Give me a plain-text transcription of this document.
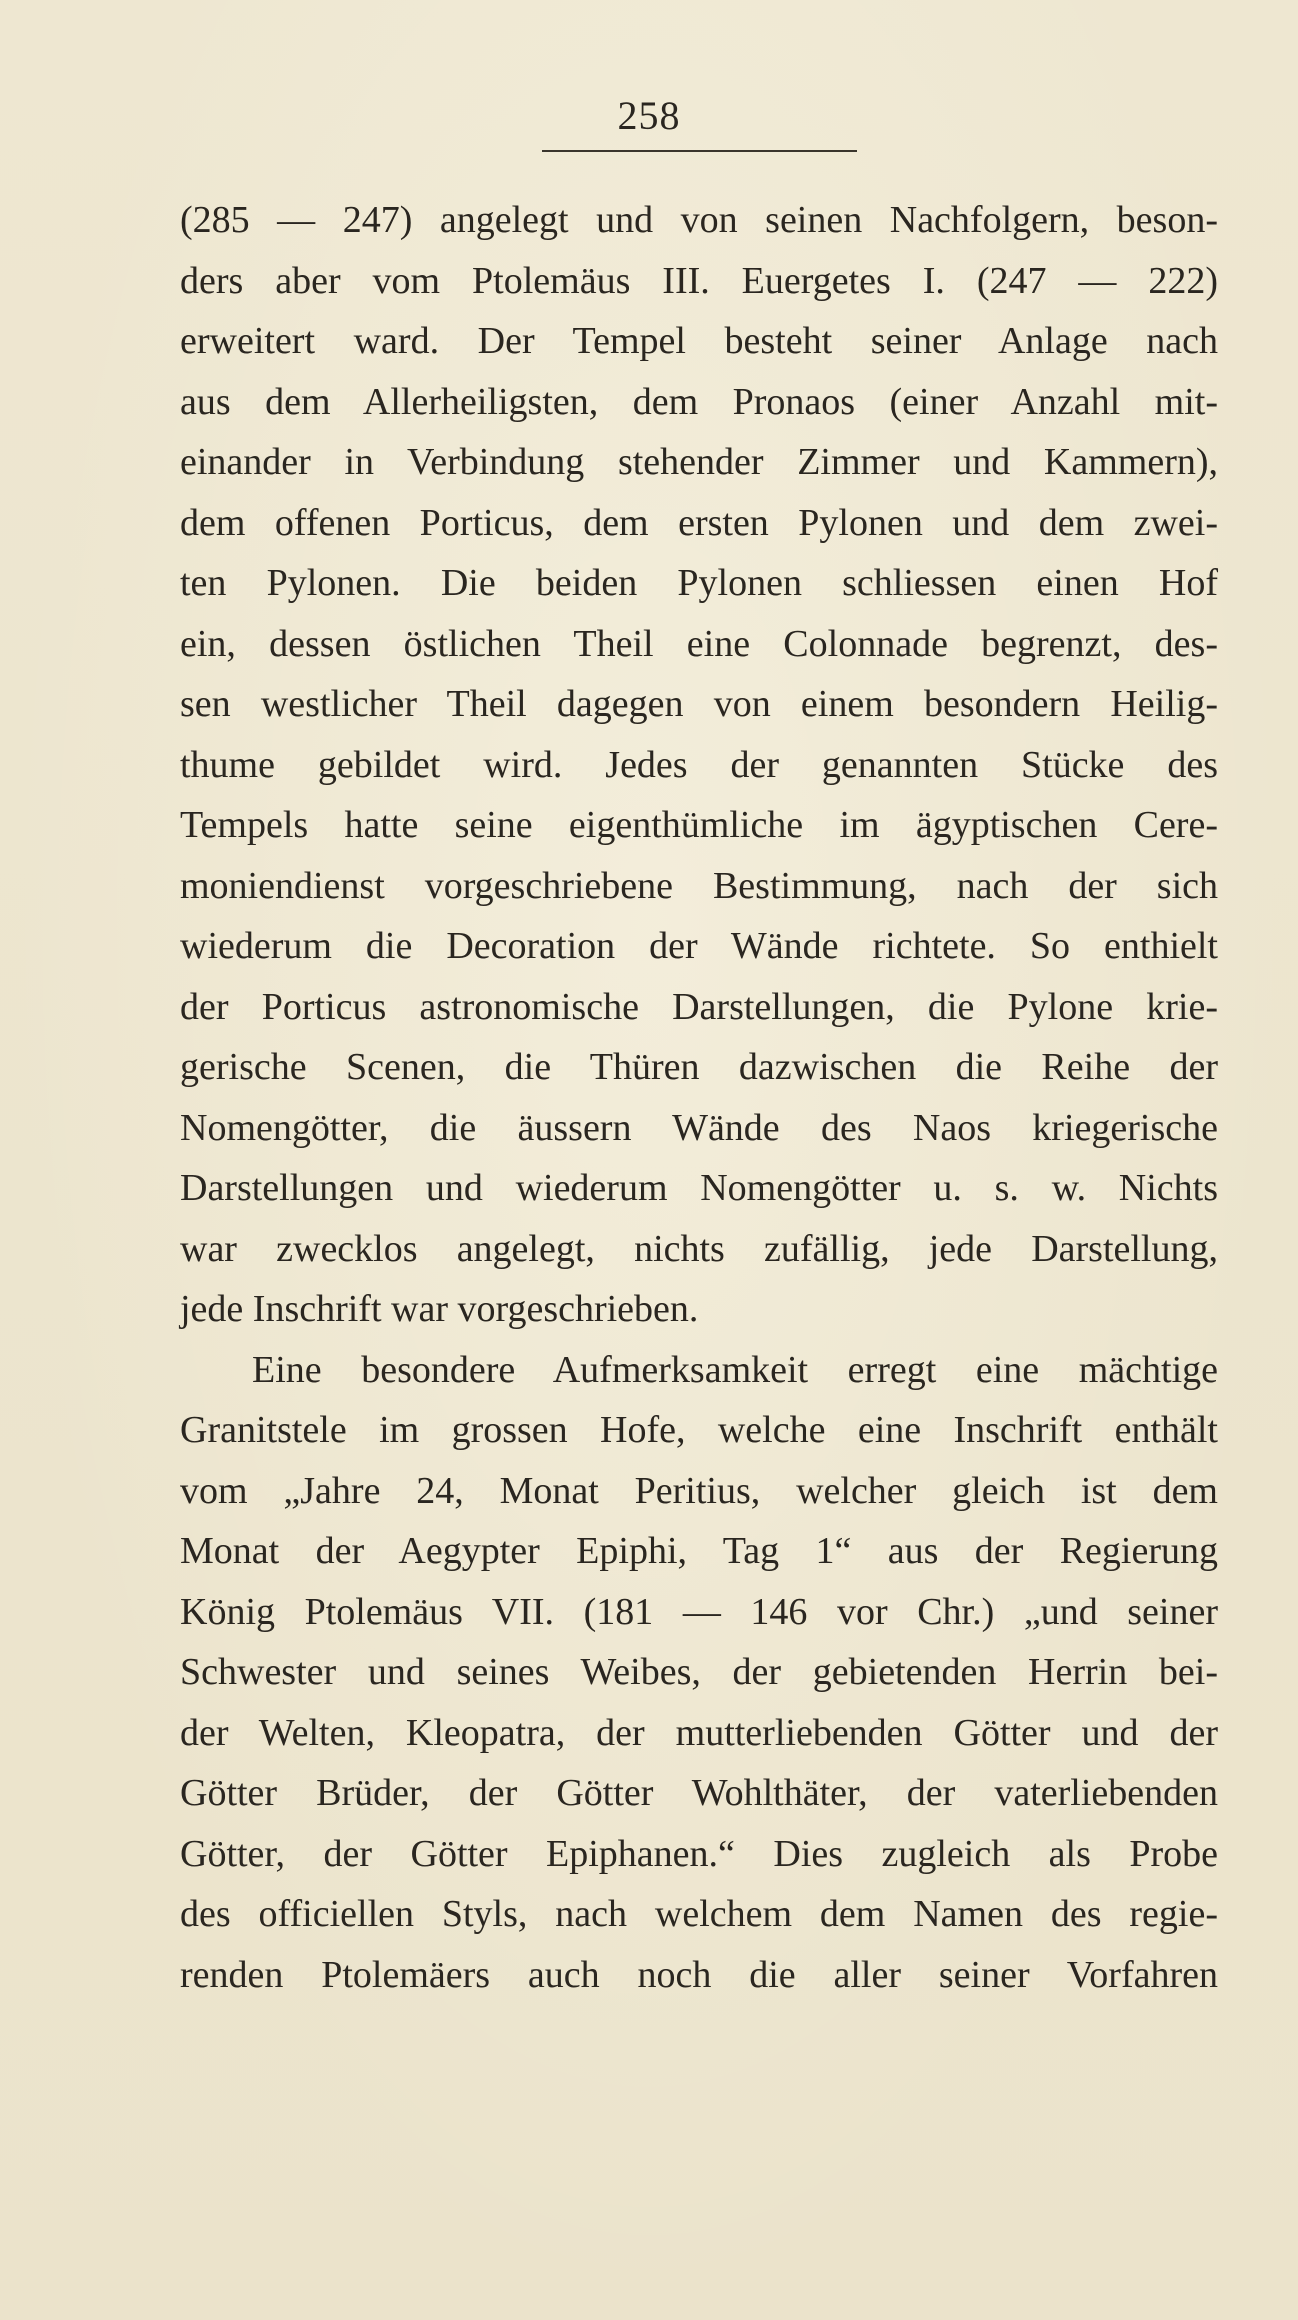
258
(285 — 247) angelegt und von seinen Nachfolgern, beson-
ders aber vom Ptolemäus III. Euergetes I. (247 — 222)
erweitert ward. Der Tempel besteht seiner Anlage nach
aus dem Allerheiligsten, dem Pronaos (einer Anzahl mit-
einander in Verbindung stehender Zimmer und Kammern),
dem offenen Porticus, dem ersten Pylonen und dem zwei-
ten Pylonen. Die beiden Pylonen schliessen einen Hof
ein, dessen östlichen Theil eine Colonnade begrenzt, des-
sen westlicher Theil dagegen von einem besondern Heilig-
thume gebildet wird. Jedes der genannten Stücke des
Tempels hatte seine eigenthümliche im ägyptischen Cere-
moniendienst vorgeschriebene Bestimmung, nach der sich
wiederum die Decoration der Wände richtete. So enthielt
der Porticus astronomische Darstellungen, die Pylone krie-
gerische Scenen, die Thüren dazwischen die Reihe der
Nomengötter, die äussern Wände des Naos kriegerische
Darstellungen und wiederum Nomengötter u. s. w. Nichts
war zwecklos angelegt, nichts zufällig, jede Darstellung,
jede Inschrift war vorgeschrieben.
Eine besondere Aufmerksamkeit erregt eine mächtige
Granitstele im grossen Hofe, welche eine Inschrift enthält
vom „Jahre 24, Monat Peritius, welcher gleich ist dem
Monat der Aegypter Epiphi, Tag 1“ aus der Regierung
König Ptolemäus VII. (181 — 146 vor Chr.) „und seiner
Schwester und seines Weibes, der gebietenden Herrin bei-
der Welten, Kleopatra, der mutterliebenden Götter und der
Götter Brüder, der Götter Wohlthäter, der vaterliebenden
Götter, der Götter Epiphanen.“ Dies zugleich als Probe
des officiellen Styls, nach welchem dem Namen des regie-
renden Ptolemäers auch noch die aller seiner Vorfahren
